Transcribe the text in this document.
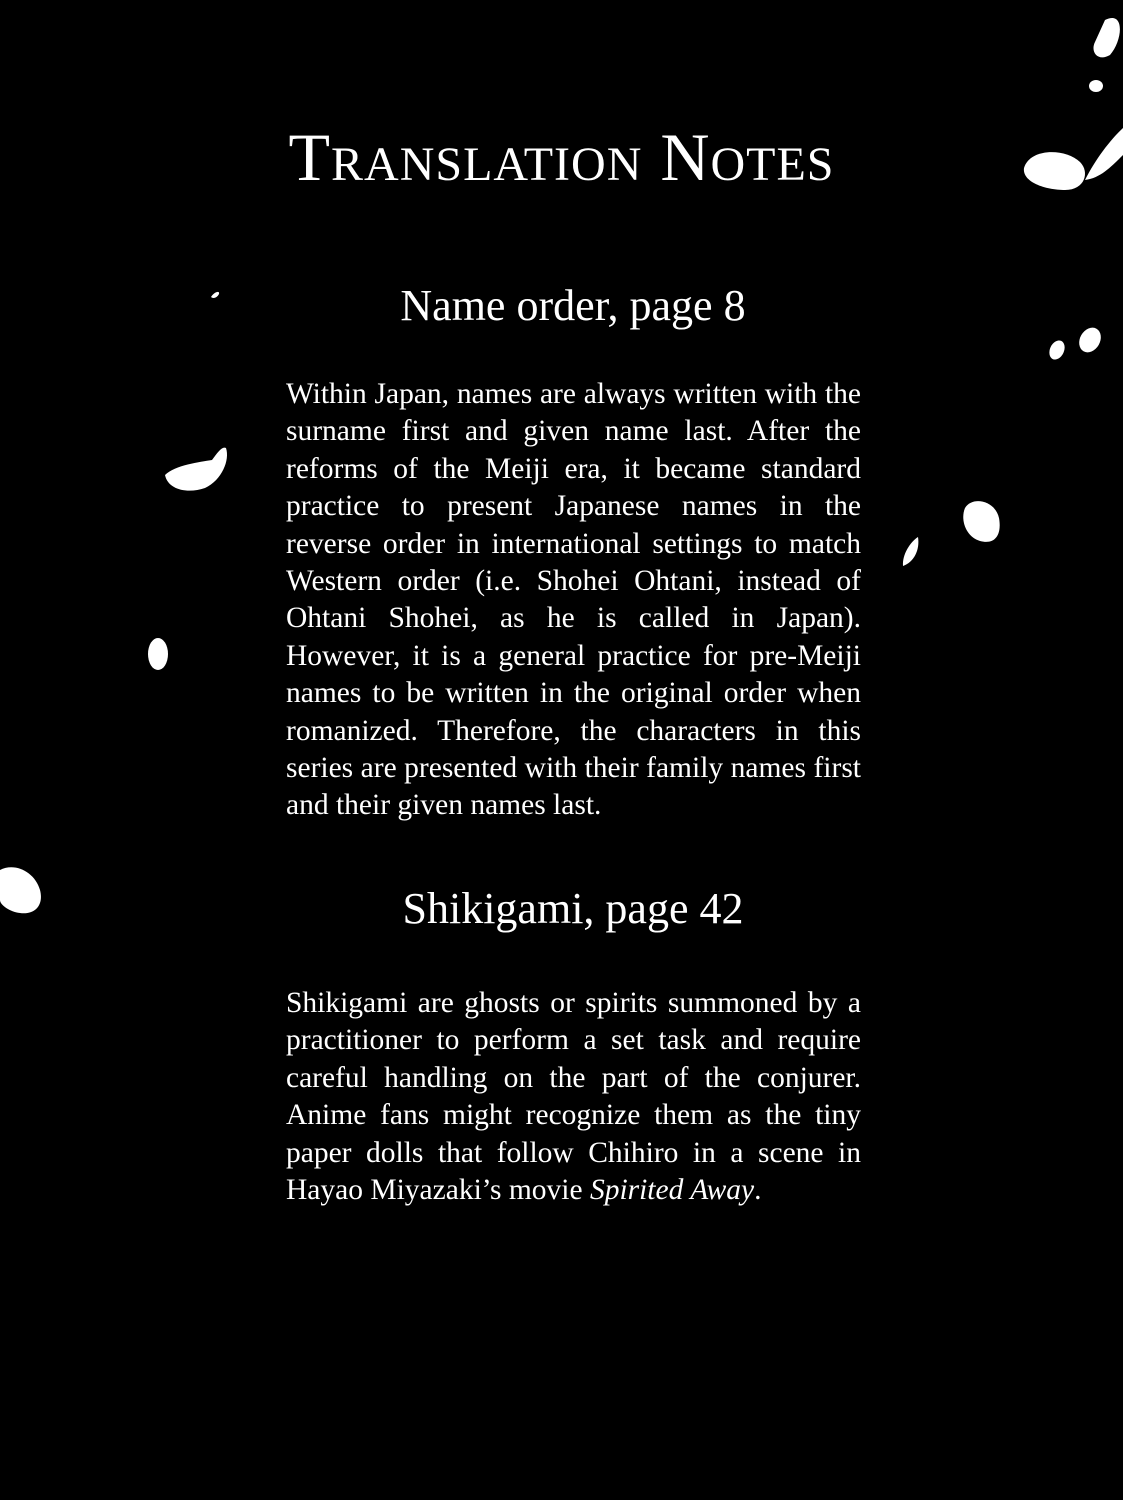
Translation Notes
Name order, page 8

Within Japan, names are always written with the surname first and given name last. After the reforms of the Meiji era, it became standard practice to present Japanese names in the reverse order in international settings to match Western order (i.e. Shohei Ohtani, instead of Ohtani Shohei, as he is called in Japan). However, it is a general practice for pre-Meiji names to be written in the original order when romanized. Therefore, the characters in this series are presented with their family names first and their given names last.

Shikigami, page 42

Shikigami are ghosts or spirits summoned by a practitioner to perform a set task and require careful handling on the part of the conjurer. Anime fans might recognize them as the tiny paper dolls that follow Chihiro in a scene in Hayao Miyazaki’s movie Spirited Away.
